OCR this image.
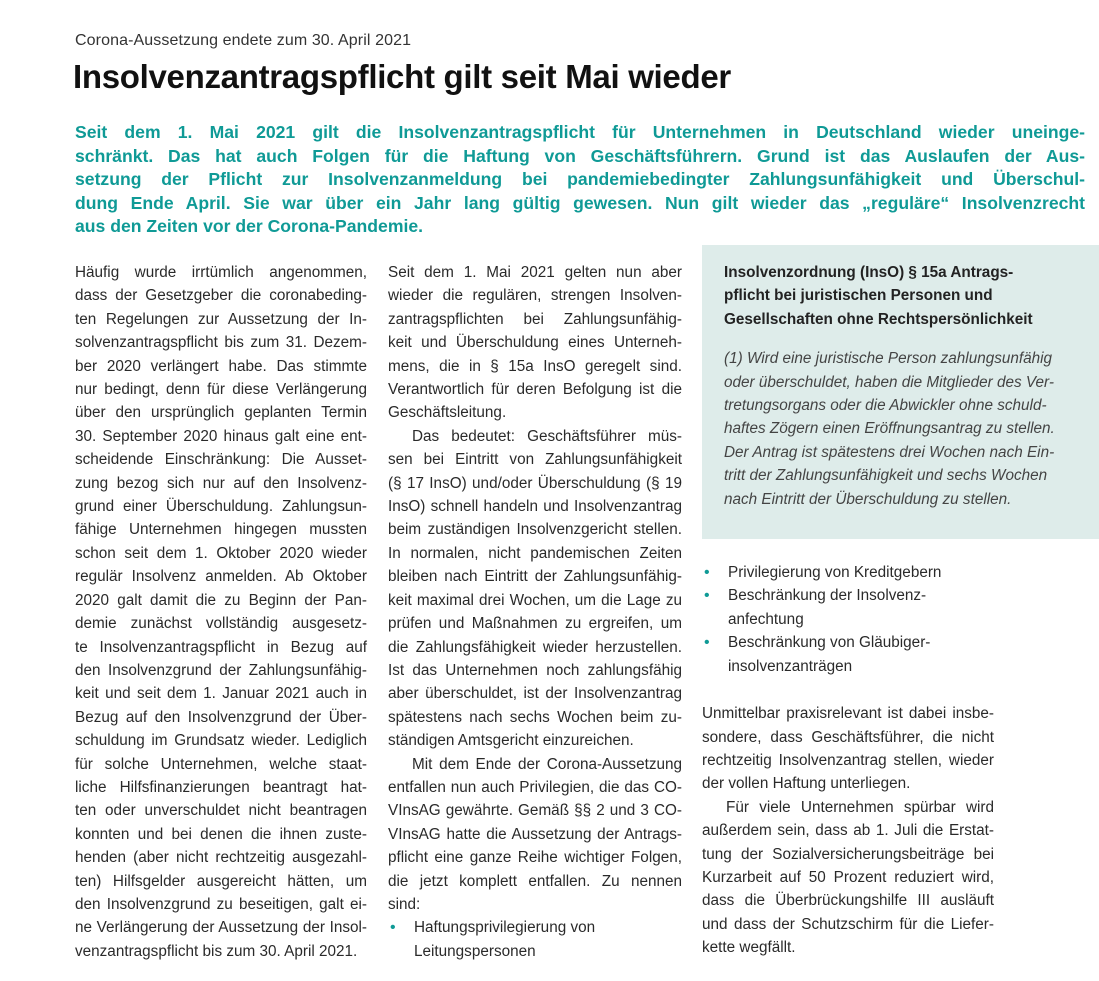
Corona-Aussetzung endete zum 30. April 2021
Insolvenzantragspflicht gilt seit Mai wieder
Seit dem 1. Mai 2021 gilt die Insolvenzantragspflicht für Unternehmen in Deutschland wieder uneinge-
schränkt. Das hat auch Folgen für die Haftung von Geschäftsführern. Grund ist das Auslaufen der Aus-
setzung der Pflicht zur Insolvenzanmeldung bei pandemiebedingter Zahlungsunfähigkeit und Überschul-
dung Ende April. Sie war über ein Jahr lang gültig gewesen. Nun gilt wieder das „reguläre“ Insolvenzrecht
aus den Zeiten vor der Corona-Pandemie.
Häufig wurde irrtümlich angenommen,
dass der Gesetzgeber die coronabeding-
ten Regelungen zur Aussetzung der In-
solvenzantragspflicht bis zum 31. Dezem-
ber 2020 verlängert habe. Das stimmte
nur bedingt, denn für diese Verlängerung
über den ursprünglich geplanten Termin
30. September 2020 hinaus galt eine ent-
scheidende Einschränkung: Die Ausset-
zung bezog sich nur auf den Insolvenz-
grund einer Überschuldung. Zahlungsun-
fähige Unternehmen hingegen mussten
schon seit dem 1. Oktober 2020 wieder
regulär Insolvenz anmelden. Ab Oktober
2020 galt damit die zu Beginn der Pan-
demie zunächst vollständig ausgesetz-
te Insolvenzantragspflicht in Bezug auf
den Insolvenzgrund der Zahlungsunfähig-
keit und seit dem 1. Januar 2021 auch in
Bezug auf den Insolvenzgrund der Über-
schuldung im Grundsatz wieder. Lediglich
für solche Unternehmen, welche staat-
liche Hilfsfinanzierungen beantragt hat-
ten oder unverschuldet nicht beantragen
konnten und bei denen die ihnen zuste-
henden (aber nicht rechtzeitig ausgezahl-
ten) Hilfsgelder ausgereicht hätten, um
den Insolvenzgrund zu beseitigen, galt ei-
ne Verlängerung der Aussetzung der Insol-
venzantragspflicht bis zum 30. April 2021.
Seit dem 1. Mai 2021 gelten nun aber
wieder die regulären, strengen Insolven-
zantragspflichten bei Zahlungsunfähig-
keit und Überschuldung eines Unterneh-
mens, die in § 15a InsO geregelt sind.
Verantwortlich für deren Befolgung ist die
Geschäftsleitung.
Das bedeutet: Geschäftsführer müs-
sen bei Eintritt von Zahlungsunfähigkeit
(§ 17 InsO) und/oder Überschuldung (§ 19
InsO) schnell handeln und Insolvenzantrag
beim zuständigen Insolvenzgericht stellen.
In normalen, nicht pandemischen Zeiten
bleiben nach Eintritt der Zahlungsunfähig-
keit maximal drei Wochen, um die Lage zu
prüfen und Maßnahmen zu ergreifen, um
die Zahlungsfähigkeit wieder herzustellen.
Ist das Unternehmen noch zahlungsfähig
aber überschuldet, ist der Insolvenzantrag
spätestens nach sechs Wochen beim zu-
ständigen Amtsgericht einzureichen.
Mit dem Ende der Corona-Aussetzung
entfallen nun auch Privilegien, die das CO-
VInsAG gewährte. Gemäß §§ 2 und 3 CO-
VInsAG hatte die Aussetzung der Antrags-
pflicht eine ganze Reihe wichtiger Folgen,
die jetzt komplett entfallen. Zu nennen
sind:
• Haftungsprivilegierung von
Leitungspersonen
Insolvenzordnung (InsO) § 15a Antrags-
pflicht bei juristischen Personen und
Gesellschaften ohne Rechtspersönlichkeit
(1) Wird eine juristische Person zahlungsunfähig
oder überschuldet, haben die Mitglieder des Ver-
tretungsorgans oder die Abwickler ohne schuld-
haftes Zögern einen Eröffnungsantrag zu stellen.
Der Antrag ist spätestens drei Wochen nach Ein-
tritt der Zahlungsunfähigkeit und sechs Wochen
nach Eintritt der Überschuldung zu stellen.
• Privilegierung von Kreditgebern
• Beschränkung der Insolvenz-
anfechtung
• Beschränkung von Gläubiger-
insolvenzanträgen
Unmittelbar praxisrelevant ist dabei insbe-
sondere, dass Geschäftsführer, die nicht
rechtzeitig Insolvenzantrag stellen, wieder
der vollen Haftung unterliegen.
Für viele Unternehmen spürbar wird
außerdem sein, dass ab 1. Juli die Erstat-
tung der Sozialversicherungsbeiträge bei
Kurzarbeit auf 50 Prozent reduziert wird,
dass die Überbrückungshilfe III ausläuft
und dass der Schutzschirm für die Liefer-
kette wegfällt.
